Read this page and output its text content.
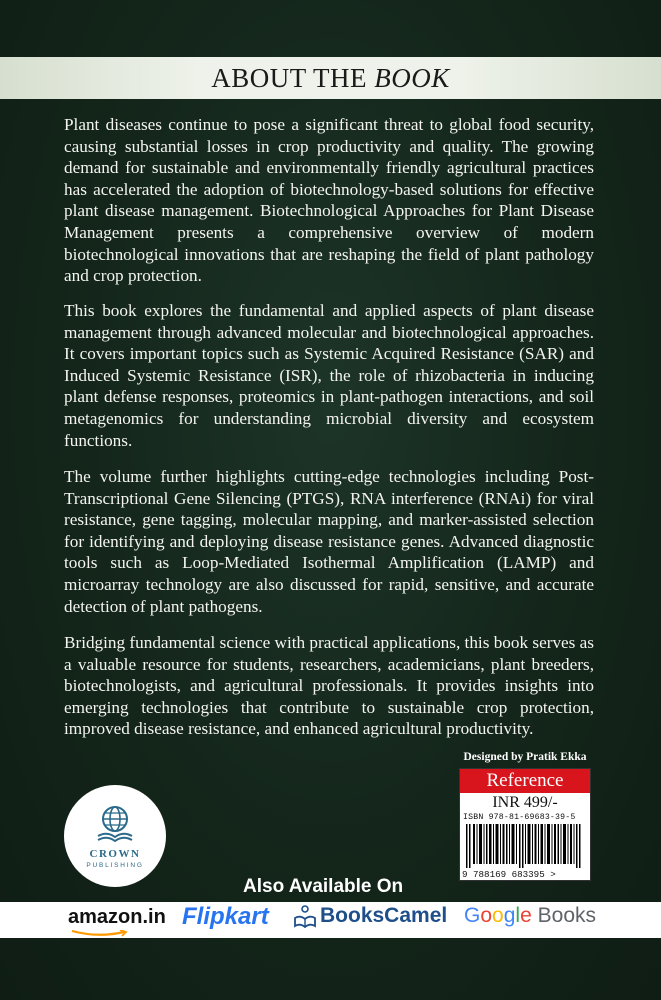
ABOUT THE BOOK

Plant diseases continue to pose a significant threat to global food security, causing substantial losses in crop productivity and quality. The growing demand for sustainable and environmentally friendly agricultural practices has accelerated the adoption of biotechnology-based solutions for effective plant disease management. Biotechnological Approaches for Plant Disease Management presents a comprehensive overview of modern biotechnological innovations that are reshaping the field of plant pathology and crop protection.

This book explores the fundamental and applied aspects of plant disease management through advanced molecular and biotechnological approaches. It covers important topics such as Systemic Acquired Resistance (SAR) and Induced Systemic Resistance (ISR), the role of rhizobacteria in inducing plant defense responses, proteomics in plant-pathogen interactions, and soil metagenomics for understanding microbial diversity and ecosystem functions.

The volume further highlights cutting-edge technologies including Post-Transcriptional Gene Silencing (PTGS), RNA interference (RNAi) for viral resistance, gene tagging, molecular mapping, and marker-assisted selection for identifying and deploying disease resistance genes. Advanced diagnostic tools such as Loop-Mediated Isothermal Amplification (LAMP) and microarray technology are also discussed for rapid, sensitive, and accurate detection of plant pathogens.

Bridging fundamental science with practical applications, this book serves as a valuable resource for students, researchers, academicians, plant breeders, biotechnologists, and agricultural professionals. It provides insights into emerging technologies that contribute to sustainable crop protection, improved disease resistance, and enhanced agricultural productivity.

Designed by Pratik Ekka
Reference
INR 499/-
ISBN 978-81-69683-39-5
9 788169 683395 >
CROWN
PUBLISHING
Also Available On
amazon.in Flipkart BooksCamel Google Books
